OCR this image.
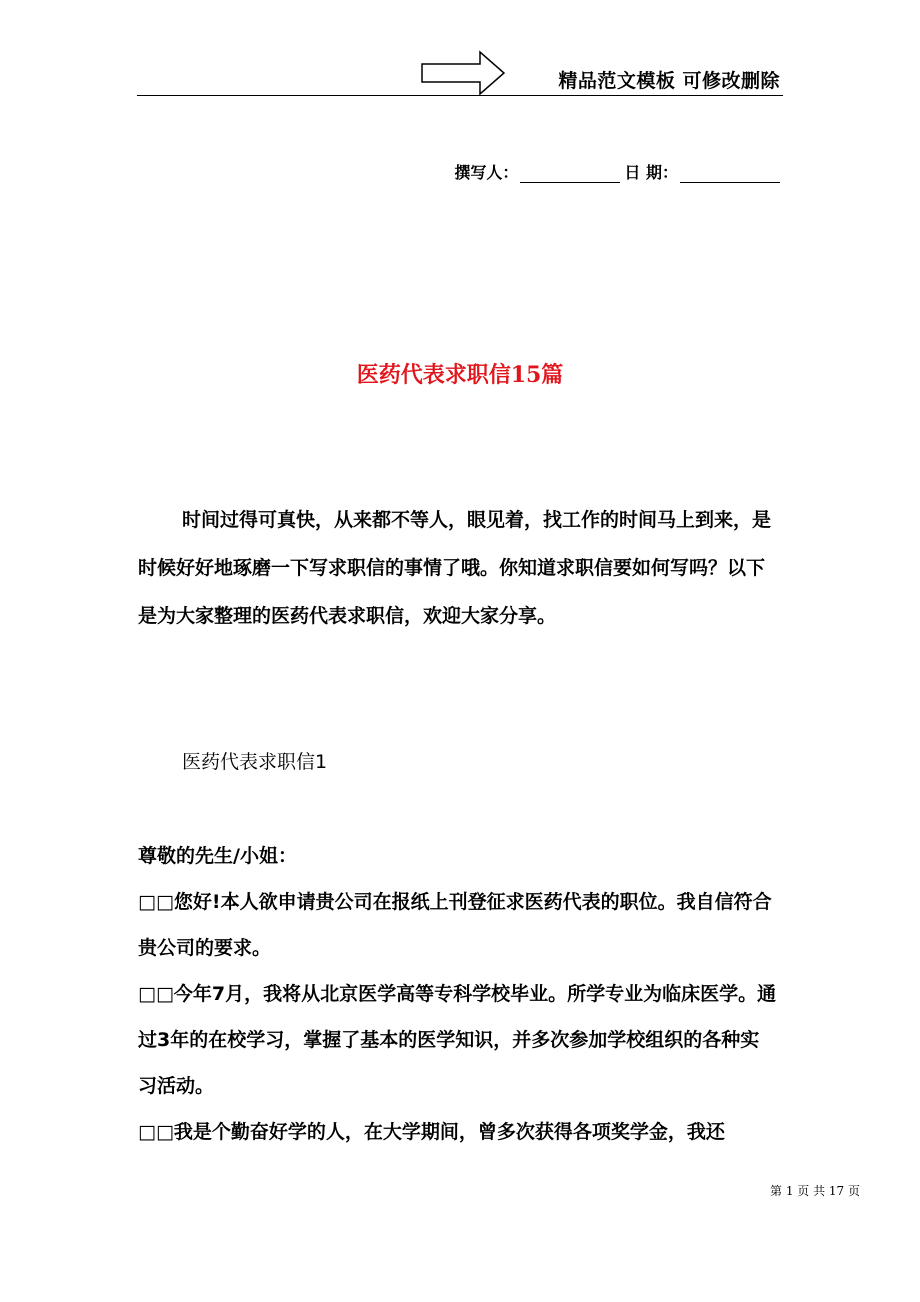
精品范文模板 可修改删除
撰写人：	日 期：
医药代表求职信15篇
时间过得可真快，从来都不等人，眼见着，找工作的时间马上到来，是时候好好地琢磨一下写求职信的事情了哦。你知道求职信要如何写吗？以下是为大家整理的医药代表求职信，欢迎大家分享。
医药代表求职信1

尊敬的先生/小姐：

□□您好!本人欲申请贵公司在报纸上刊登征求医药代表的职位。我自信符合贵公司的要求。

□□今年7月，我将从北京医学高等专科学校毕业。所学专业为临床医学。通过3年的在校学习，掌握了基本的医学知识，并多次参加学校组织的各种实习活动。

□□我是个勤奋好学的人，在大学期间，曾多次获得各项奖学金，我还

第 1 页 共 17 页
